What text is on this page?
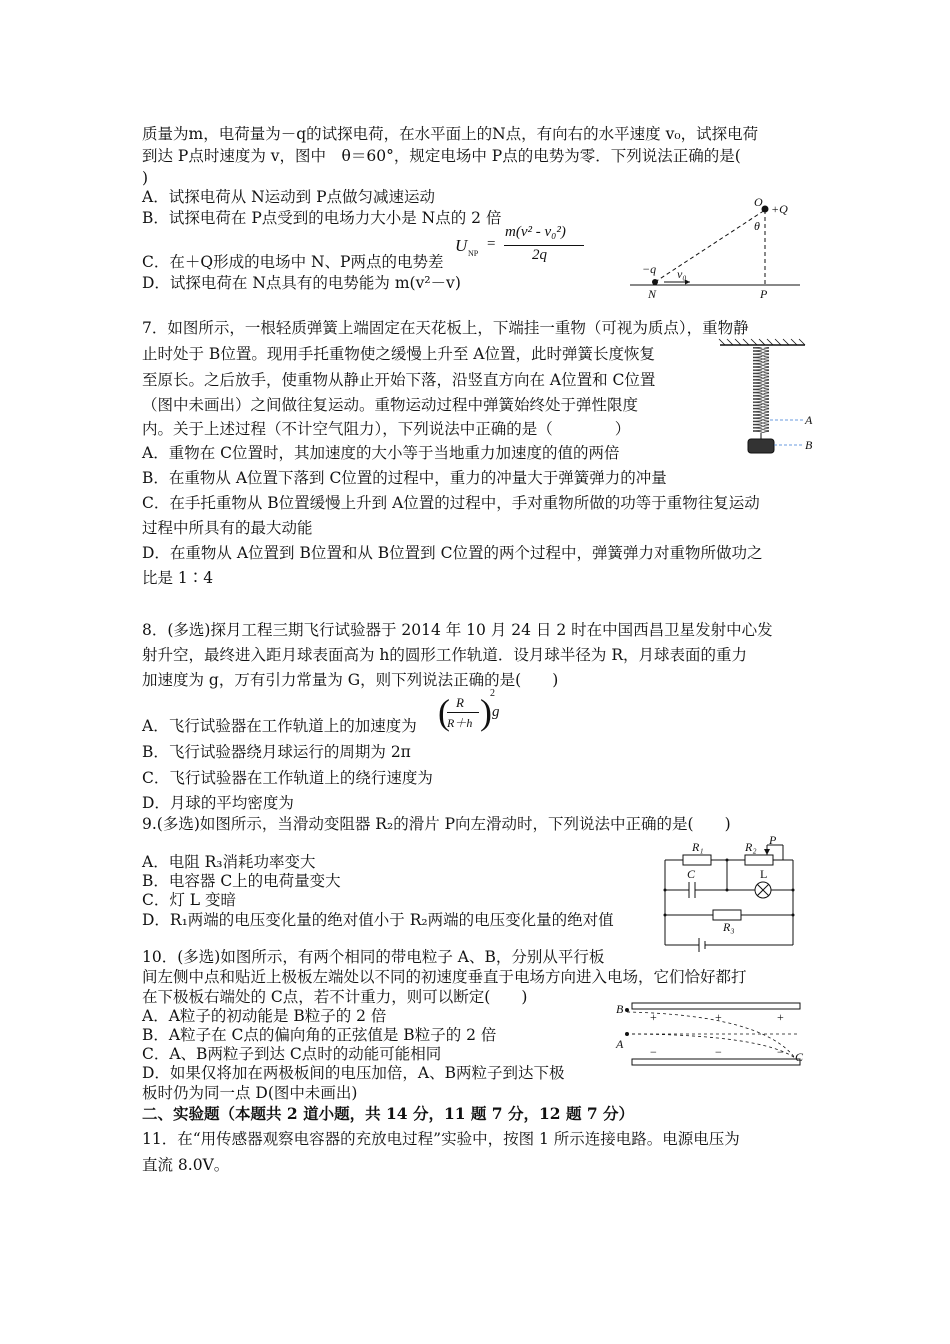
质量为m，电荷量为－q的试探电荷，在水平面上的N点，有向右的水平速度 v₀，试探电荷
到达 P点时速度为 v，图中　θ＝60°，规定电场中 P点的电势为零．下列说法正确的是(
)
A．试探电荷从 N运动到 P点做匀减速运动
B．试探电荷在 P点受到的电场力大小是 N点的 2 倍
U NP
=
m(v² - v₀²)
2q
C．在＋Q形成的电场中 N、P两点的电势差
D．试探电荷在 N点具有的电势能为 m(v²－v)
O +Q
θ
−q v₀
N	P
7．如图所示，一根轻质弹簧上端固定在天花板上，下端挂一重物（可视为质点），重物静
止时处于 B位置。现用手托重物使之缓慢上升至 A位置，此时弹簧长度恢复
至原长。之后放手，使重物从静止开始下落，沿竖直方向在 A位置和 C位置
（图中未画出）之间做往复运动。重物运动过程中弹簧始终处于弹性限度
内。关于上述过程（不计空气阻力），下列说法中正确的是（　　　　）
A．重物在 C位置时，其加速度的大小等于当地重力加速度的值的两倍
B．在重物从 A位置下落到 C位置的过程中，重力的冲量大于弹簧弹力的冲量
C．在手托重物从 B位置缓慢上升到 A位置的过程中，手对重物所做的功等于重物往复运动
过程中所具有的最大动能
D．在重物从 A位置到 B位置和从 B位置到 C位置的两个过程中，弹簧弹力对重物所做功之
比是 1∶4
A
B
8．(多选)探月工程三期飞行试验器于 2014 年 10 月 24 日 2 时在中国西昌卫星发射中心发
射升空，最终进入距月球表面高为 h的圆形工作轨道．设月球半径为 R，月球表面的重力
加速度为 g，万有引力常量为 G，则下列说法正确的是(　　)
A．飞行试验器在工作轨道上的加速度为 ( R
R＋h )
2
g
B．飞行试验器绕月球运行的周期为 2π
C．飞行试验器在工作轨道上的绕行速度为
D．月球的平均密度为
9.(多选)如图所示，当滑动变阻器 R₂的滑片 P向左滑动时，下列说法中正确的是(　　)
A．电阻 R₃消耗功率变大
B．电容器 C上的电荷量变大
C．灯 L 变暗
D．R₁两端的电压变化量的绝对值小于 R₂两端的电压变化量的绝对值
R₁	R₂ P
C	L
R₃
10．(多选)如图所示，有两个相同的带电粒子 A、B，分别从平行板
间左侧中点和贴近上极板左端处以不同的初速度垂直于电场方向进入电场，它们恰好都打
在下极板右端处的 C点，若不计重力，则可以断定(　　)
A．A粒子的初动能是 B粒子的 2 倍
B．A粒子在 C点的偏向角的正弦值是 B粒子的 2 倍
C．A、B两粒子到达 C点时的动能可能相同
D．如果仅将加在两极板间的电压加倍，A、B两粒子到达下极
板时仍为同一点 D(图中未画出)
B
A
C
+	+	+
−	−	−
二、实验题（本题共 2 道小题，共 14 分，11 题 7 分，12 题 7 分）
11．在“用传感器观察电容器的充放电过程”实验中，按图 1 所示连接电路。电源电压为
直流 8.0V。
